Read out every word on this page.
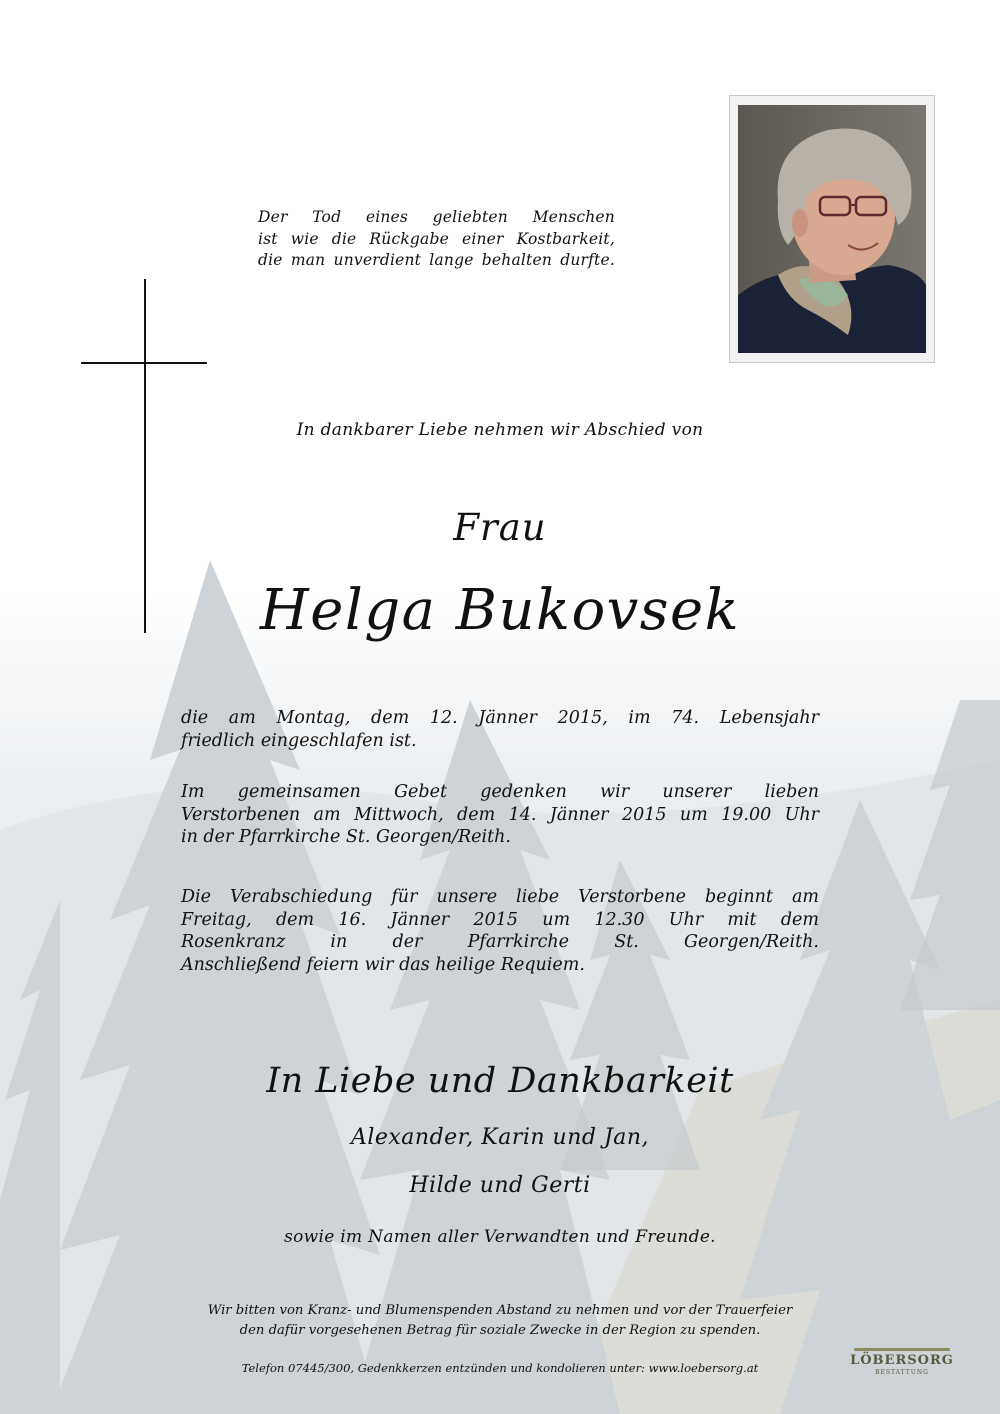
Der Tod eines geliebten Menschen
ist wie die Rückgabe einer Kostbarkeit,
die man unverdient lange behalten durfte.
In dankbarer Liebe nehmen wir Abschied von
Frau
Helga Bukovsek
die am Montag, dem 12. Jänner 2015, im 74. Lebensjahr
friedlich eingeschlafen ist.
Im gemeinsamen Gebet gedenken wir unserer lieben
Verstorbenen am Mittwoch, dem 14. Jänner 2015 um 19.00 Uhr
in der Pfarrkirche St. Georgen/Reith.
Die Verabschiedung für unsere liebe Verstorbene beginnt am
Freitag, dem 16. Jänner 2015 um 12.30 Uhr mit dem
Rosenkranz in der Pfarrkirche St. Georgen/Reith.
Anschließend feiern wir das heilige Requiem.
In Liebe und Dankbarkeit
Alexander, Karin und Jan,
Hilde und Gerti
sowie im Namen aller Verwandten und Freunde.
Wir bitten von Kranz- und Blumenspenden Abstand zu nehmen und vor der Trauerfeier
den dafür vorgesehenen Betrag für soziale Zwecke in der Region zu spenden.
Telefon 07445/300, Gedenkkerzen entzünden und kondolieren unter: www.loebersorg.at	LÖBERSORG
BESTATTUNG
